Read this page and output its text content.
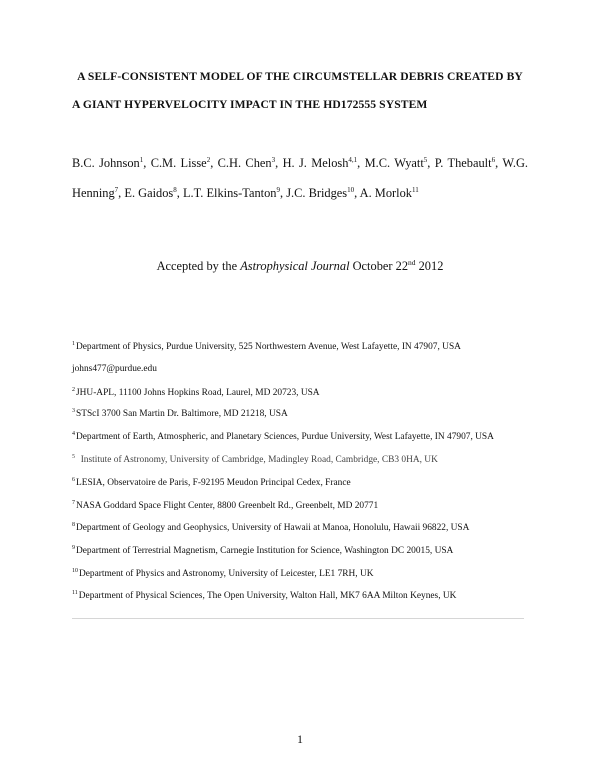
A SELF-CONSISTENT MODEL OF THE CIRCUMSTELLAR DEBRIS CREATED BY
A GIANT HYPERVELOCITY IMPACT IN THE HD172555 SYSTEM
B.C. Johnson$^1$, C.M. Lisse$^2$, C.H. Chen$^3$, H. J. Melosh$^{4,1}$, M.C. Wyatt$^5$, P. Thebault$^6$, W.G. Henning$^7$, E. Gaidos$^8$, L.T. Elkins-Tanton$^9$, J.C. Bridges$^{10}$, A. Morlok$^{11}$
Accepted by the Astrophysical Journal October 22nd 2012
$^1$Department of Physics, Purdue University, 525 Northwestern Avenue, West Lafayette, IN 47907, USA
johns477@purdue.edu
$^2$JHU-APL, 11100 Johns Hopkins Road, Laurel, MD 20723, USA
$^3$STScI 3700 San Martin Dr. Baltimore, MD 21218, USA
$^4$Department of Earth, Atmospheric, and Planetary Sciences, Purdue University, West Lafayette, IN 47907, USA
$^5$ Institute of Astronomy, University of Cambridge, Madingley Road, Cambridge, CB3 0HA, UK
$^6$LESIA, Observatoire de Paris, F-92195 Meudon Principal Cedex, France
$^7$NASA Goddard Space Flight Center, 8800 Greenbelt Rd., Greenbelt, MD 20771
$^8$Department of Geology and Geophysics, University of Hawaii at Manoa, Honolulu, Hawaii 96822, USA
$^9$Department of Terrestrial Magnetism, Carnegie Institution for Science, Washington DC 20015, USA
$^{10}$Department of Physics and Astronomy, University of Leicester, LE1 7RH, UK
$^{11}$Department of Physical Sciences, The Open University, Walton Hall, MK7 6AA Milton Keynes, UK
1
